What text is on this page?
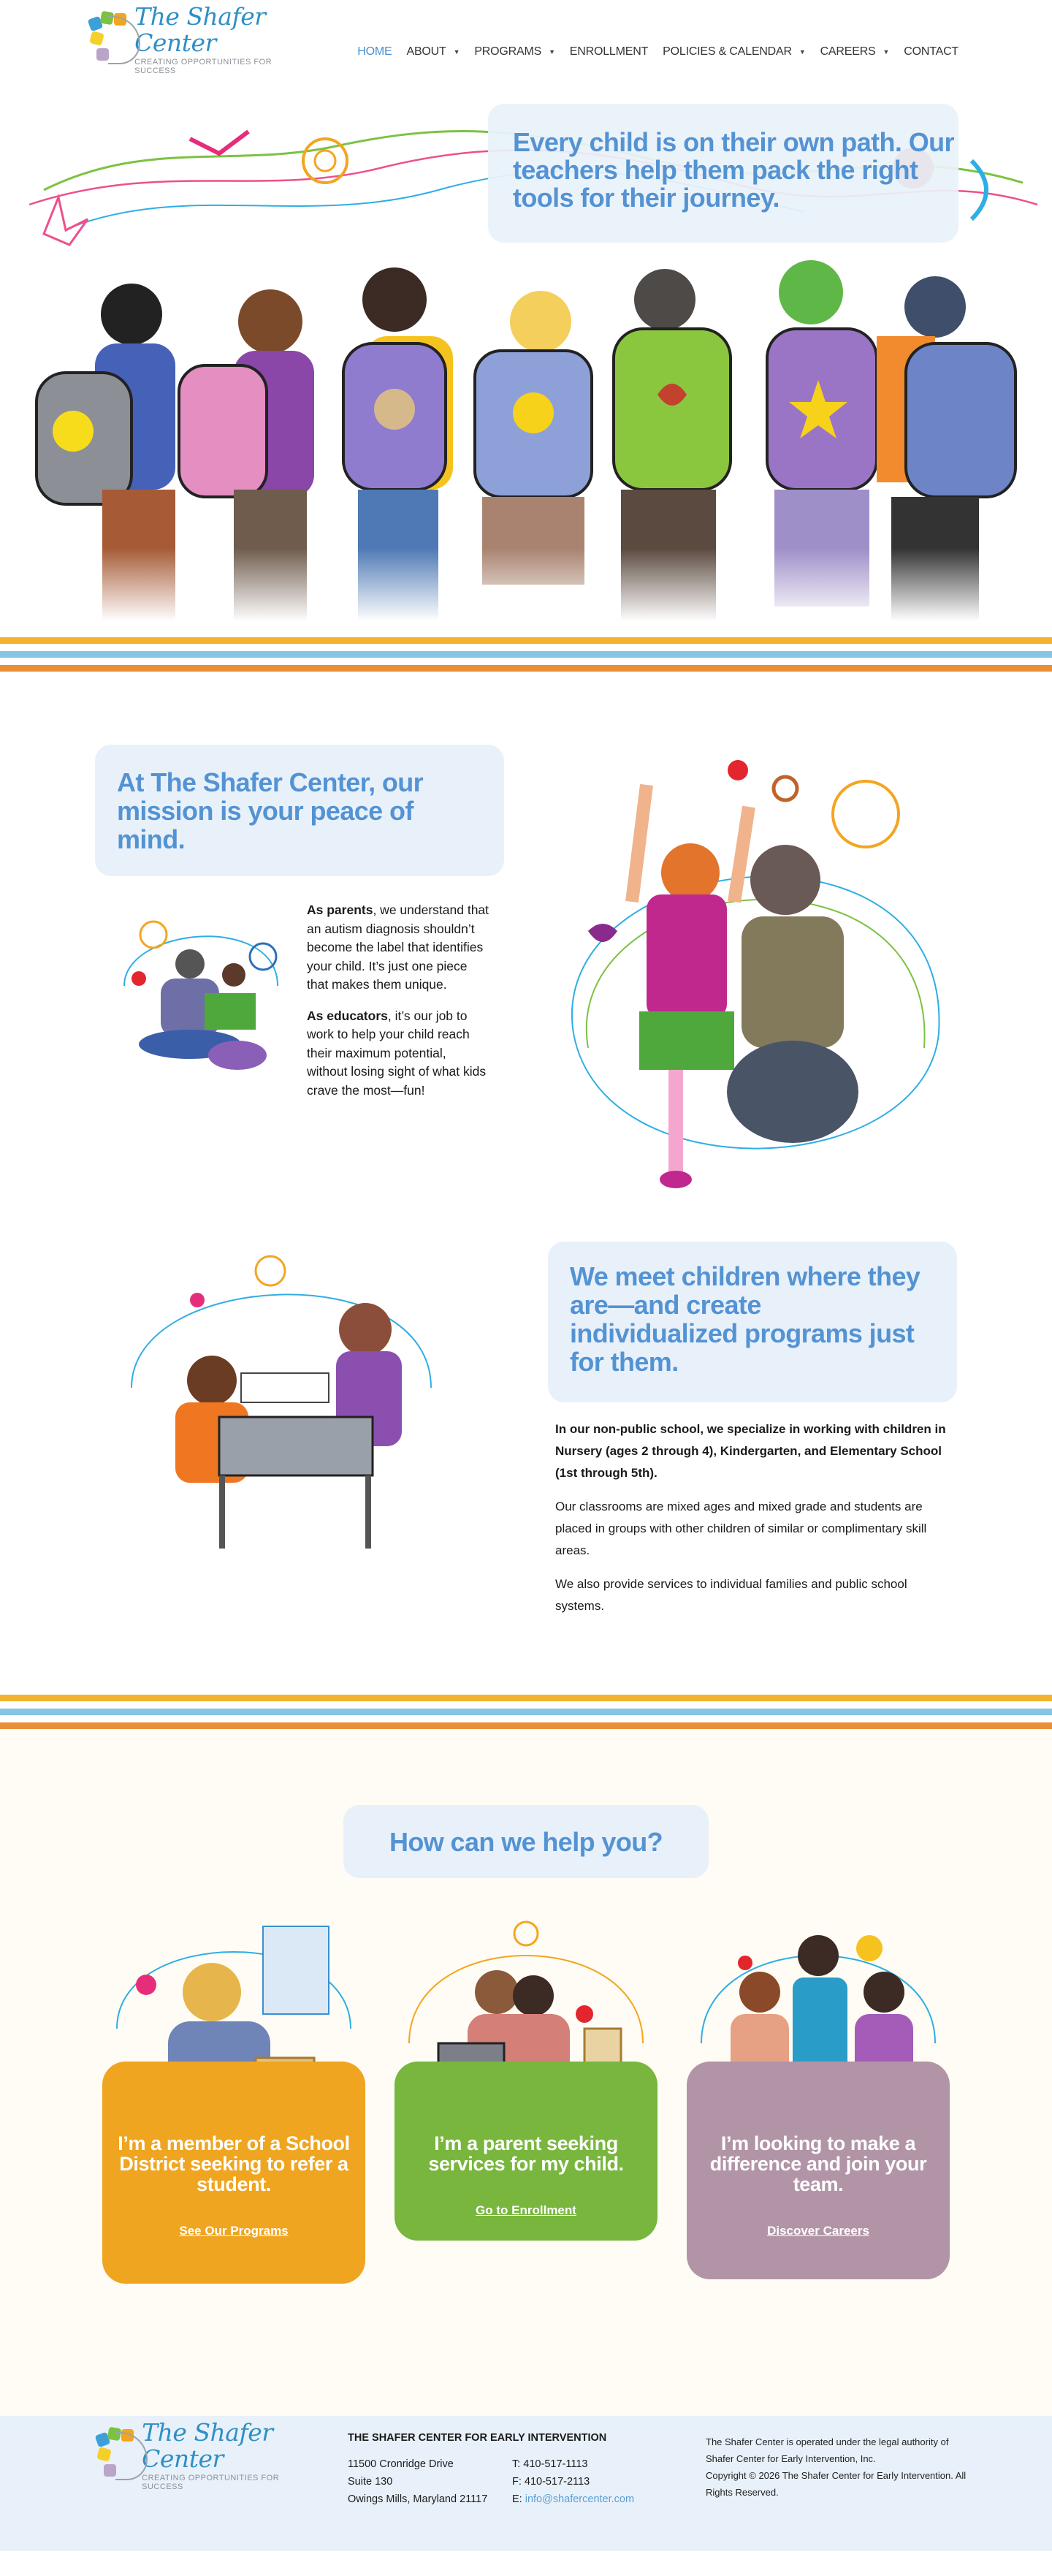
The Shafer Center
CREATING OPPORTUNITIES FOR SUCCESS
HOME ABOUT ▼ PROGRAMS ▼ ENROLLMENT POLICIES & CALENDAR ▼ CAREERS ▼ CONTACT
Every child is on their own path. Our teachers help them pack the right tools for their journey.
At The Shafer Center, our mission is your peace of mind.

As parents, we understand that an autism diagnosis shouldn’t become the label that identifies your child. It’s just one piece that makes them unique.

As educators, it’s our job to work to help your child reach their maximum potential, without losing sight of what kids crave the most—fun!

We meet children where they are—and create individualized programs just for them.

In our non-public school, we specialize in working with children in Nursery (ages 2 through 4), Kindergarten, and Elementary School (1st through 5th).

Our classrooms are mixed ages and mixed grade and students are placed in groups with other children of similar or complimentary skill areas.

We also provide services to individual families and public school systems.

How can we help you?
I’m a member of a School District seeking to refer a student.
See Our Programs
I’m a parent seeking services for my child.
Go to Enrollment
I’m looking to make a difference and join your team.
Discover Careers
The Shafer Center
CREATING OPPORTUNITIES FOR SUCCESS
THE SHAFER CENTER FOR EARLY INTERVENTION
11500 Cronridge Drive	T: 410-517-1113
Suite 130	F: 410-517-2113
Owings Mills, Maryland 21117	E: info@shafercenter.com
The Shafer Center is operated under the legal authority of Shafer Center for Early Intervention, Inc.
Copyright © 2026 The Shafer Center for Early Intervention. All Rights Reserved.
